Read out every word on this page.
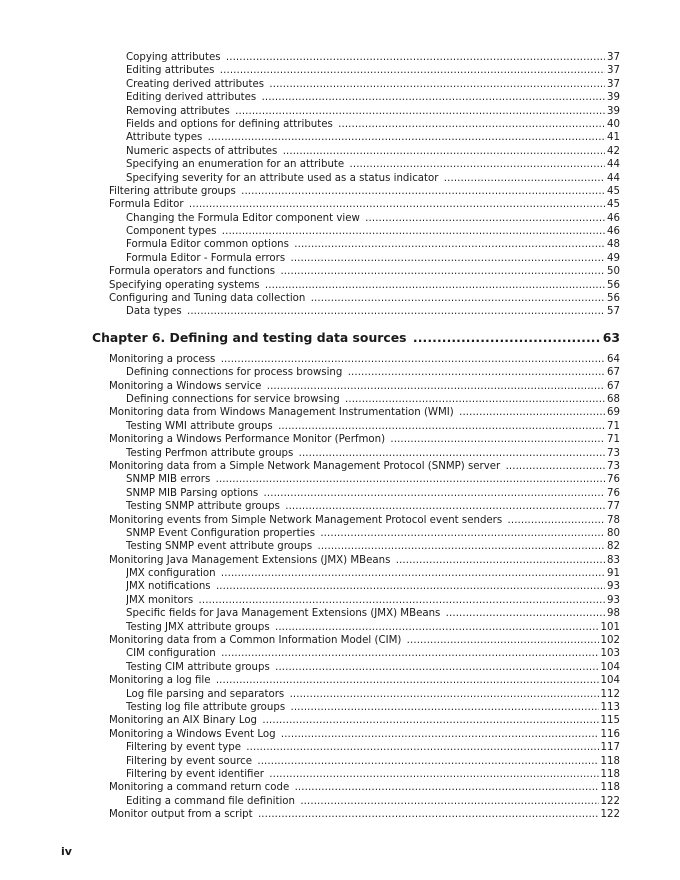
Copying attributes .....	37
Editing attributes .....	37
Creating derived attributes .....	37
Editing derived attributes .....	39
Removing attributes .....	39
Fields and options for defining attributes .....	40
Attribute types .....	41
Numeric aspects of attributes .....	42
Specifying an enumeration for an attribute .....	44
Specifying severity for an attribute used as a status indicator .....	44
Filtering attribute groups .....	45
Formula Editor .....	45
Changing the Formula Editor component view .....	46
Component types .....	46
Formula Editor common options .....	48
Formula Editor - Formula errors .....	49
Formula operators and functions .....	50
Specifying operating systems .....	56
Configuring and Tuning data collection .....	56
Data types .....	57
Chapter 6. Defining and testing data sources .....	63
Monitoring a process .....	64
Defining connections for process browsing .....	67
Monitoring a Windows service .....	67
Defining connections for service browsing .....	68
Monitoring data from Windows Management Instrumentation (WMI) .....	69
Testing WMI attribute groups .....	71
Monitoring a Windows Performance Monitor (Perfmon) .....	71
Testing Perfmon attribute groups .....	73
Monitoring data from a Simple Network Management Protocol (SNMP) server .....	73
SNMP MIB errors .....	76
SNMP MIB Parsing options .....	76
Testing SNMP attribute groups .....	77
Monitoring events from Simple Network Management Protocol event senders .....	78
SNMP Event Configuration properties .....	80
Testing SNMP event attribute groups .....	82
Monitoring Java Management Extensions (JMX) MBeans .....	83
JMX configuration .....	91
JMX notifications .....	93
JMX monitors .....	93
Specific fields for Java Management Extensions (JMX) MBeans .....	98
Testing JMX attribute groups .....	101
Monitoring data from a Common Information Model (CIM) .....	102
CIM configuration .....	103
Testing CIM attribute groups .....	104
Monitoring a log file .....	104
Log file parsing and separators .....	112
Testing log file attribute groups .....	113
Monitoring an AIX Binary Log .....	115
Monitoring a Windows Event Log .....	116
Filtering by event type .....	117
Filtering by event source .....	118
Filtering by event identifier .....	118
Monitoring a command return code .....	118
Editing a command file definition .....	122
Monitor output from a script .....	122
iv
